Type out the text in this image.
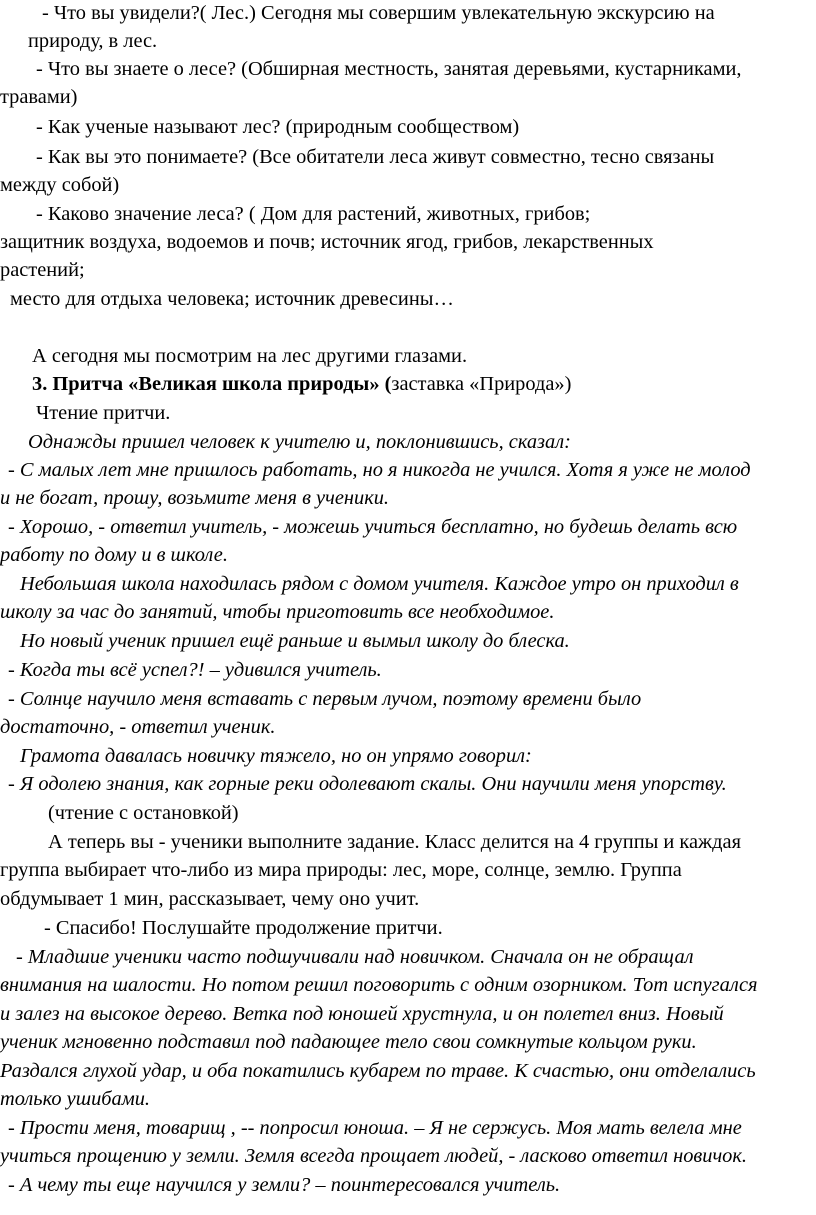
- Что вы увидели?( Лес.) Сегодня мы совершим увлекательную экскурсию на
природу, в лес.
- Что вы знаете о лесе? (Обширная местность, занятая деревьями, кустарниками,
травами)
- Как ученые называют лес? (природным сообществом)
- Как вы это понимаете? (Все обитатели леса живут совместно, тесно связаны
между собой)
- Каково значение леса? ( Дом для растений, животных, грибов;
защитник воздуха, водоемов и почв; источник ягод, грибов, лекарственных
растений;
место для отдыха человека; источник древесины…
А сегодня мы посмотрим на лес другими глазами.
3. Притча «Великая школа природы» (заставка «Природа»)
Чтение притчи.
Однажды пришел человек к учителю и, поклонившись, сказал:
- С малых лет мне пришлось работать, но я никогда не учился. Хотя я уже не молод
и не богат, прошу, возьмите меня в ученики.
- Хорошо, - ответил учитель, - можешь учиться бесплатно, но будешь делать всю
работу по дому и в школе.
Небольшая школа находилась рядом с домом учителя. Каждое утро он приходил в
школу за час до занятий, чтобы приготовить все необходимое.
Но новый ученик пришел ещё раньше и вымыл школу до блеска.
- Когда ты всё успел?! – удивился учитель.
- Солнце научило меня вставать с первым лучом, поэтому времени было
достаточно, - ответил ученик.
Грамота давалась новичку тяжело, но он упрямо говорил:
- Я одолею знания, как горные реки одолевают скалы. Они научили меня упорству.
(чтение с остановкой)
А теперь вы - ученики выполните задание. Класс делится на 4 группы и каждая
группа выбирает что-либо из мира природы: лес, море, солнце, землю. Группа
обдумывает 1 мин, рассказывает, чему оно учит.
- Спасибо! Послушайте продолжение притчи.
- Младшие ученики часто подшучивали над новичком. Сначала он не обращал
внимания на шалости. Но потом решил поговорить с одним озорником. Тот испугался
и залез на высокое дерево. Ветка под юношей хрустнула, и он полетел вниз. Новый
ученик мгновенно подставил под падающее тело свои сомкнутые кольцом руки.
Раздался глухой удар, и оба покатились кубарем по траве. К счастью, они отделались
только ушибами.
- Прости меня, товарищ , -- попросил юноша. – Я не сержусь. Моя мать велела мне
учиться прощению у земли. Земля всегда прощает людей, - ласково ответил новичок.
- А чему ты еще научился у земли? – поинтересовался учитель.
